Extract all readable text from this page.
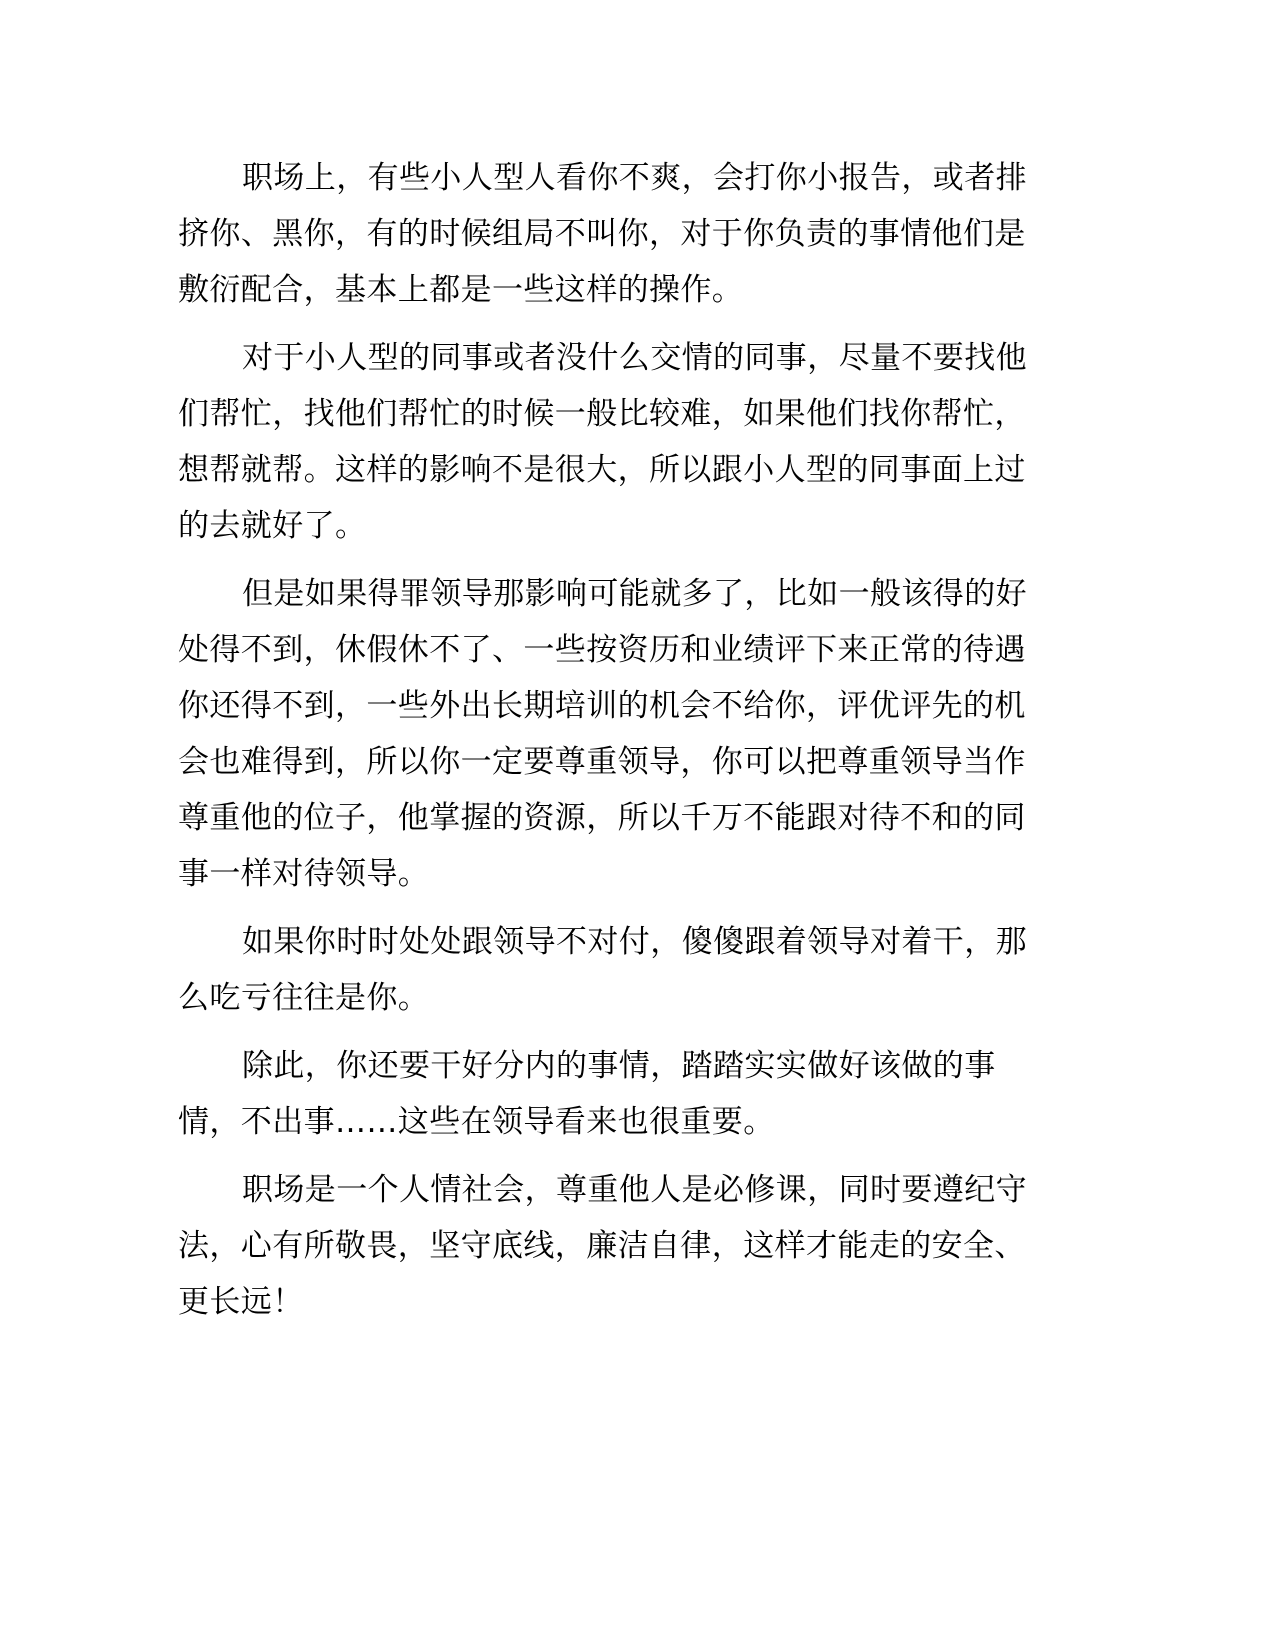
职场上，有些小人型人看你不爽，会打你小报告，或者排
挤你、黑你，有的时候组局不叫你，对于你负责的事情他们是
敷衍配合，基本上都是一些这样的操作。
对于小人型的同事或者没什么交情的同事，尽量不要找他
们帮忙，找他们帮忙的时候一般比较难，如果他们找你帮忙，
想帮就帮。这样的影响不是很大，所以跟小人型的同事面上过
的去就好了。
但是如果得罪领导那影响可能就多了，比如一般该得的好
处得不到，休假休不了、一些按资历和业绩评下来正常的待遇
你还得不到，一些外出长期培训的机会不给你，评优评先的机
会也难得到，所以你一定要尊重领导，你可以把尊重领导当作
尊重他的位子，他掌握的资源，所以千万不能跟对待不和的同
事一样对待领导。
如果你时时处处跟领导不对付，傻傻跟着领导对着干，那
么吃亏往往是你。
除此，你还要干好分内的事情，踏踏实实做好该做的事
情，不出事……这些在领导看来也很重要。
职场是一个人情社会，尊重他人是必修课，同时要遵纪守
法，心有所敬畏，坚守底线，廉洁自律，这样才能走的安全、
更长远！
